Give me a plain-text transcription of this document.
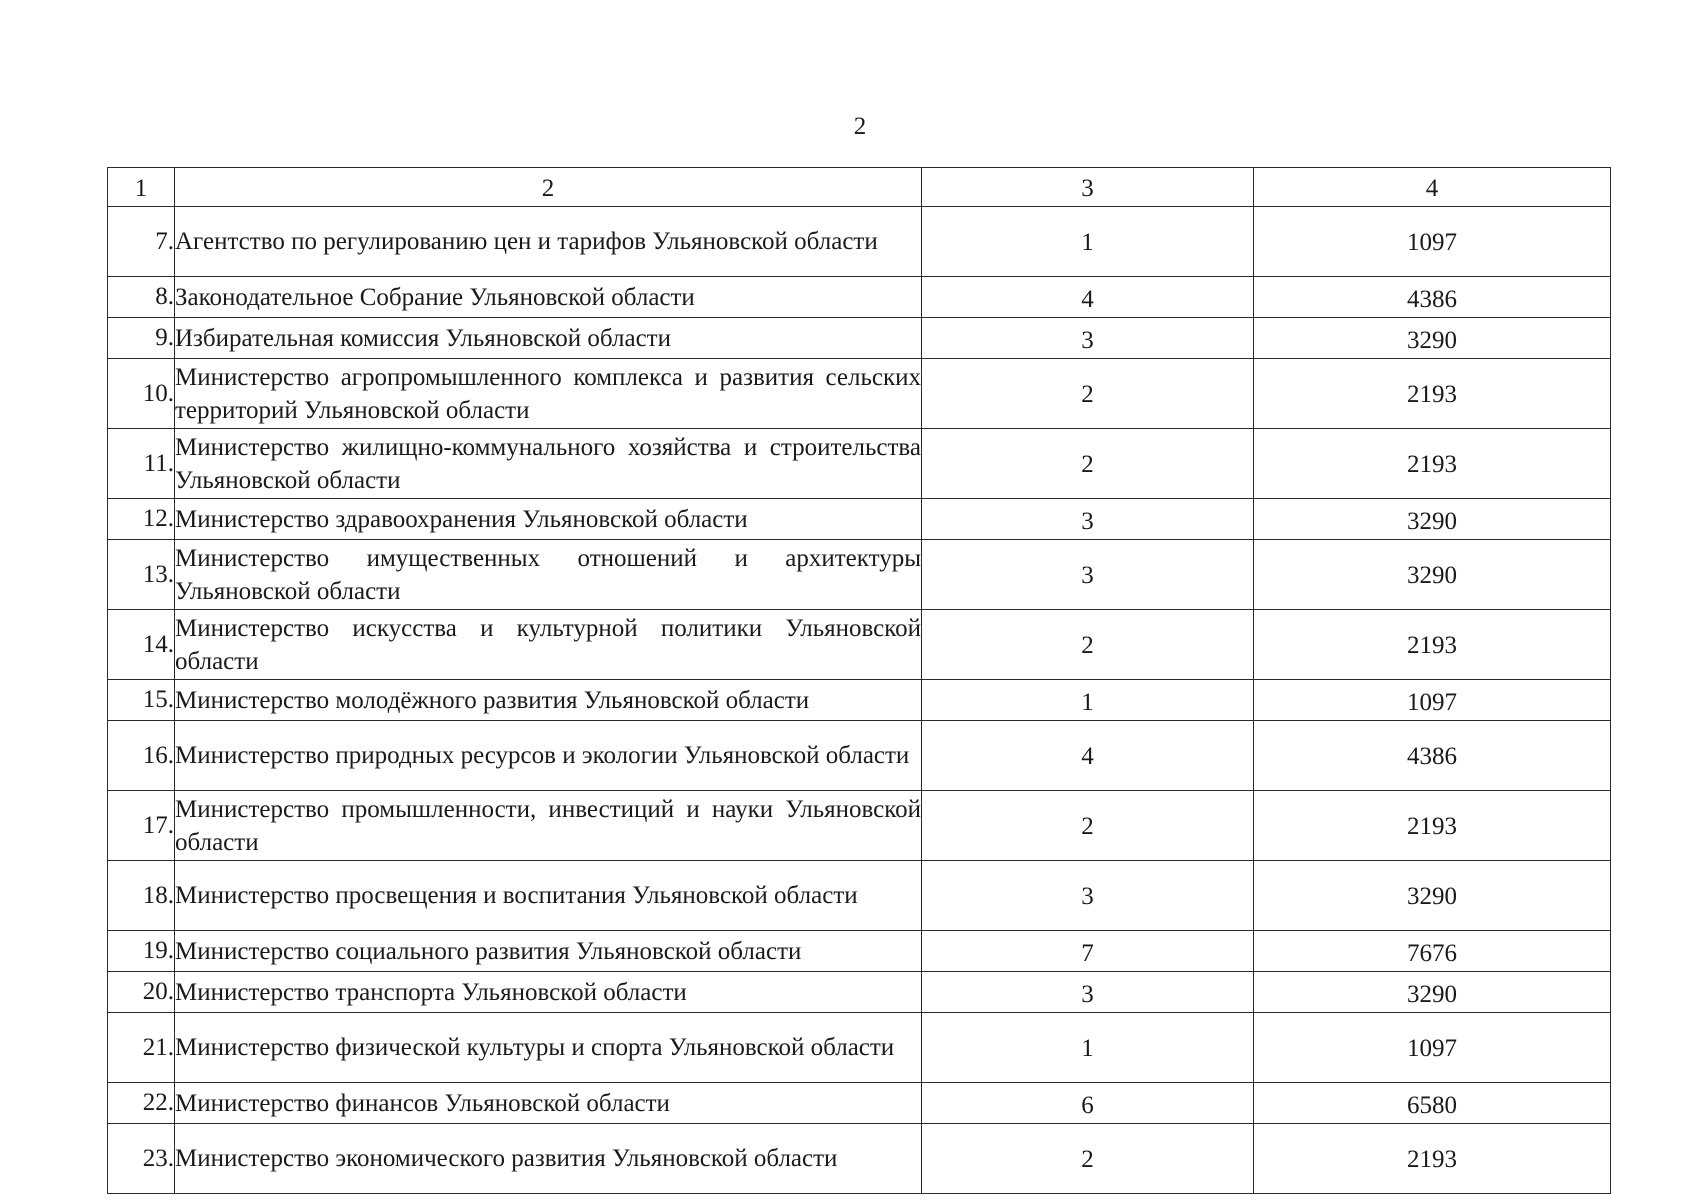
2
1	2	3	4
7.	Агентство по регулированию цен и тарифов Ульяновской области	1	1097
8.	Законодательное Собрание Ульяновской области	4	4386
9.	Избирательная комиссия Ульяновской области	3	3290
10.	Министерство агропромышленного комплекса и развития сельских территорий Ульяновской области	2	2193
11.	Министерство жилищно-коммунального хозяйства и строительства Ульяновской области	2	2193
12.	Министерство здравоохранения Ульяновской области	3	3290
13.	Министерство имущественных отношений и архитектуры Ульяновской области	3	3290
14.	Министерство искусства и культурной политики Ульяновской области	2	2193
15.	Министерство молодёжного развития Ульяновской области	1	1097
16.	Министерство природных ресурсов и экологии Ульяновской области	4	4386
17.	Министерство промышленности, инвестиций и науки Ульяновской области	2	2193
18.	Министерство просвещения и воспитания Ульяновской области	3	3290
19.	Министерство социального развития Ульяновской области	7	7676
20.	Министерство транспорта Ульяновской области	3	3290
21.	Министерство физической культуры и спорта Ульяновской области	1	1097
22.	Министерство финансов Ульяновской области	6	6580
23.	Министерство экономического развития Ульяновской области	2	2193
